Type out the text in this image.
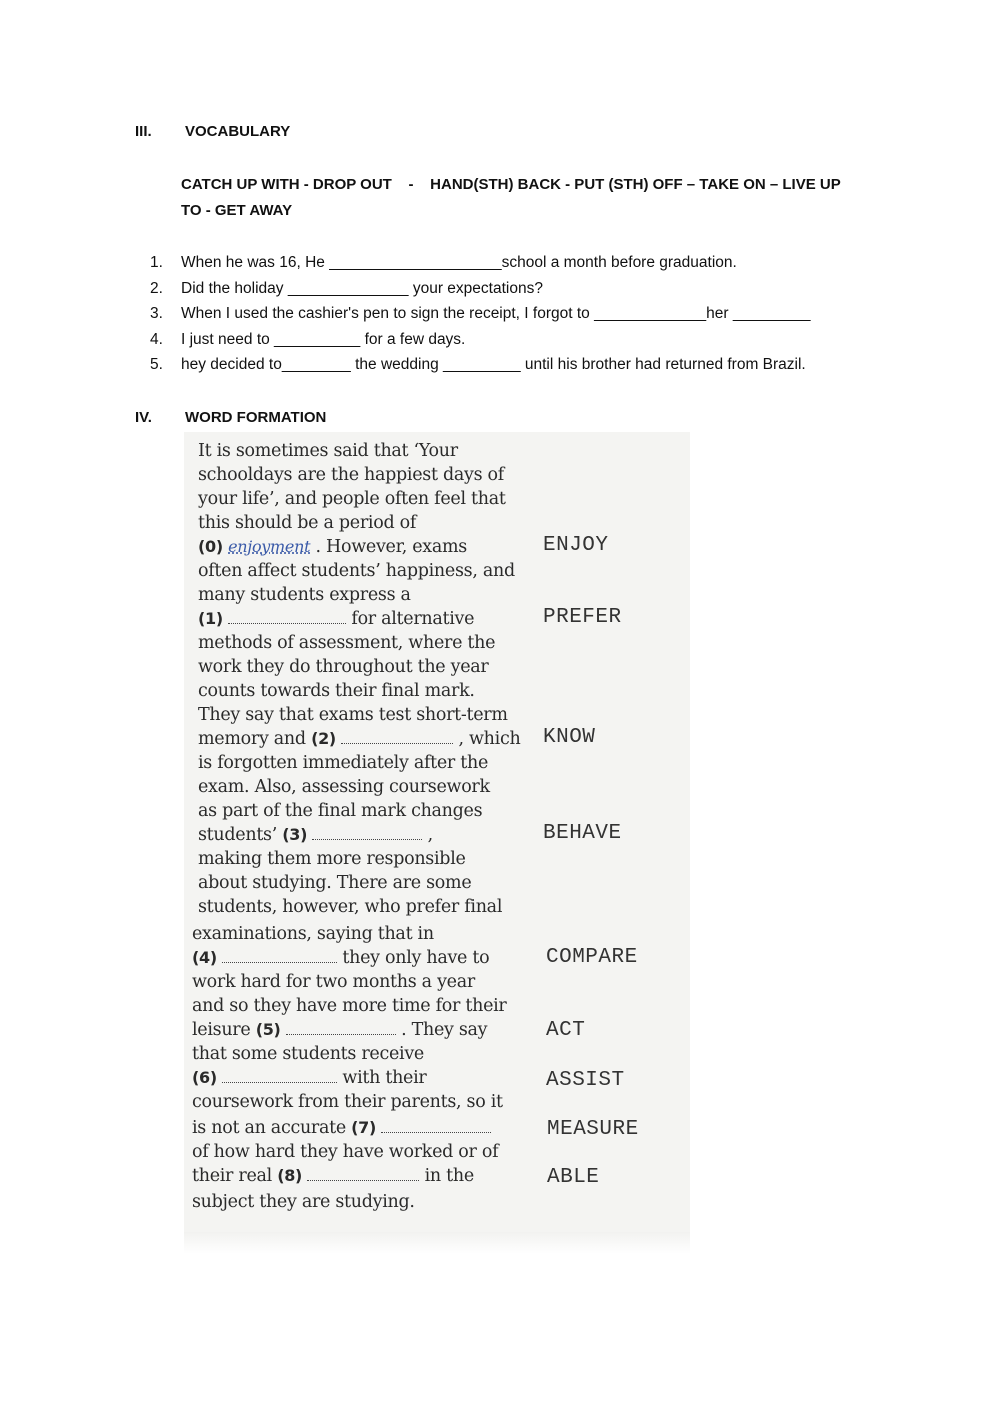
III. VOCABULARY
CATCH UP WITH - DROP OUT    -    HAND(STH) BACK - PUT (STH) OFF – TAKE ON – LIVE UP
TO - GET AWAY
1. When he was 16, He ____________________school a month before graduation.
2. Did the holiday ______________ your expectations?
3. When I used the cashier's pen to sign the receipt, I forgot to _____________her _________
4. I just need to __________ for a few days.
5. hey decided to________ the wedding _________ until his brother had returned from Brazil.
IV. WORD FORMATION
It is sometimes said that ‘Your
schooldays are the happiest days of
your life’, and people often feel that
this should be a period of
(0) enjoyment . However, exams
often affect students’ happiness, and
many students express a
(1)	for alternative
methods of assessment, where the
work they do throughout the year
counts towards their final mark.
They say that exams test short-term
memory and (2)	, which
is forgotten immediately after the
exam. Also, assessing coursework
as part of the final mark changes
students’ (3)	,
making them more responsible
about studying. There are some
students, however, who prefer final
examinations, saying that in
(4)	they only have to
work hard for two months a year
and so they have more time for their
leisure (5)	. They say
that some students receive
(6)	with their
coursework from their parents, so it
is not an accurate (7)
of how hard they have worked or of
their real (8)	in the
subject they are studying.
ENJOY
PREFER
KNOW
BEHAVE
COMPARE
ACT
ASSIST
MEASURE
ABLE
